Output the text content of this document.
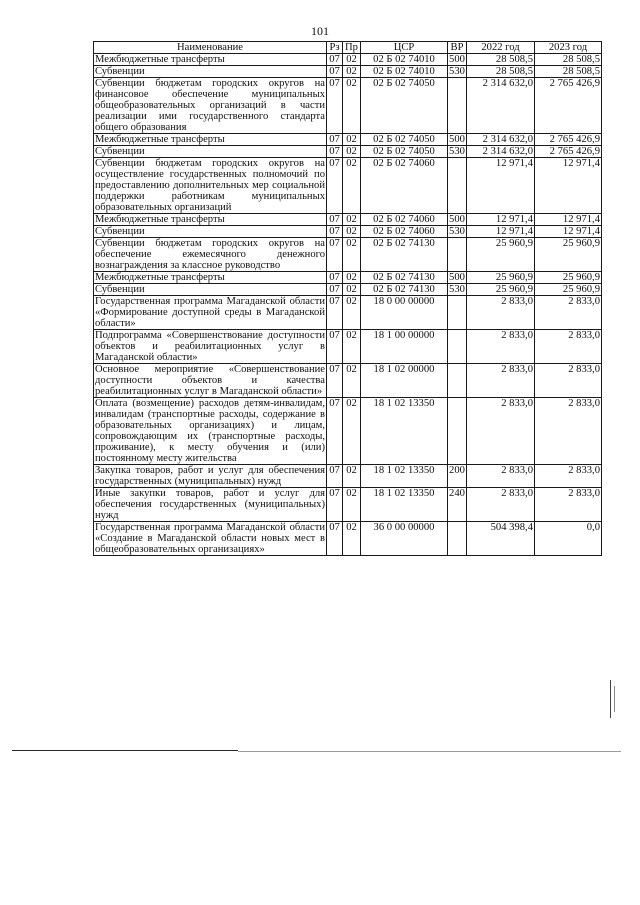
101
Наименование	Рз	Пр	ЦСР	ВР	2022 год	2023 год
Межбюджетные трансферты	07	02	02 Б 02 74010	500	28 508,5	28 508,5
Субвенции	07	02	02 Б 02 74010	530	28 508,5	28 508,5
Субвенции бюджетам городских округов на финансовое обеспечение муниципальных общеобразовательных организаций в части реализации ими государственного стандарта общего образования	07	02	02 Б 02 74050		2 314 632,0	2 765 426,9
Межбюджетные трансферты	07	02	02 Б 02 74050	500	2 314 632,0	2 765 426,9
Субвенции	07	02	02 Б 02 74050	530	2 314 632,0	2 765 426,9
Субвенции бюджетам городских округов на осуществление государственных полномочий по предоставлению дополнительных мер социальной поддержки работникам муниципальных образовательных организаций	07	02	02 Б 02 74060		12 971,4	12 971,4
Межбюджетные трансферты	07	02	02 Б 02 74060	500	12 971,4	12 971,4
Субвенции	07	02	02 Б 02 74060	530	12 971,4	12 971,4
Субвенции бюджетам городских округов на обеспечение ежемесячного денежного вознаграждения за классное руководство	07	02	02 Б 02 74130		25 960,9	25 960,9
Межбюджетные трансферты	07	02	02 Б 02 74130	500	25 960,9	25 960,9
Субвенции	07	02	02 Б 02 74130	530	25 960,9	25 960,9
Государственная программа Магаданской области «Формирование доступной среды в Магаданской области»	07	02	18 0 00 00000		2 833,0	2 833,0
Подпрограмма «Совершенствование доступности объектов и реабилитационных услуг в Магаданской области»	07	02	18 1 00 00000		2 833,0	2 833,0
Основное мероприятие «Совершенствование доступности объектов и качества реабилитационных услуг в Магаданской области»	07	02	18 1 02 00000		2 833,0	2 833,0
Оплата (возмещение) расходов детям-инвалидам, инвалидам (транспортные расходы, содержание в образовательных организациях) и лицам, сопровождающим их (транспортные расходы, проживание), к месту обучения и (или) постоянному месту жительства	07	02	18 1 02 13350		2 833,0	2 833,0
Закупка товаров, работ и услуг для обеспечения государственных (муниципальных) нужд	07	02	18 1 02 13350	200	2 833,0	2 833,0
Иные закупки товаров, работ и услуг для обеспечения государственных (муниципальных) нужд	07	02	18 1 02 13350	240	2 833,0	2 833,0
Государственная программа Магаданской области «Создание в Магаданской области новых мест в общеобразовательных организациях»	07	02	36 0 00 00000		504 398,4	0,0
